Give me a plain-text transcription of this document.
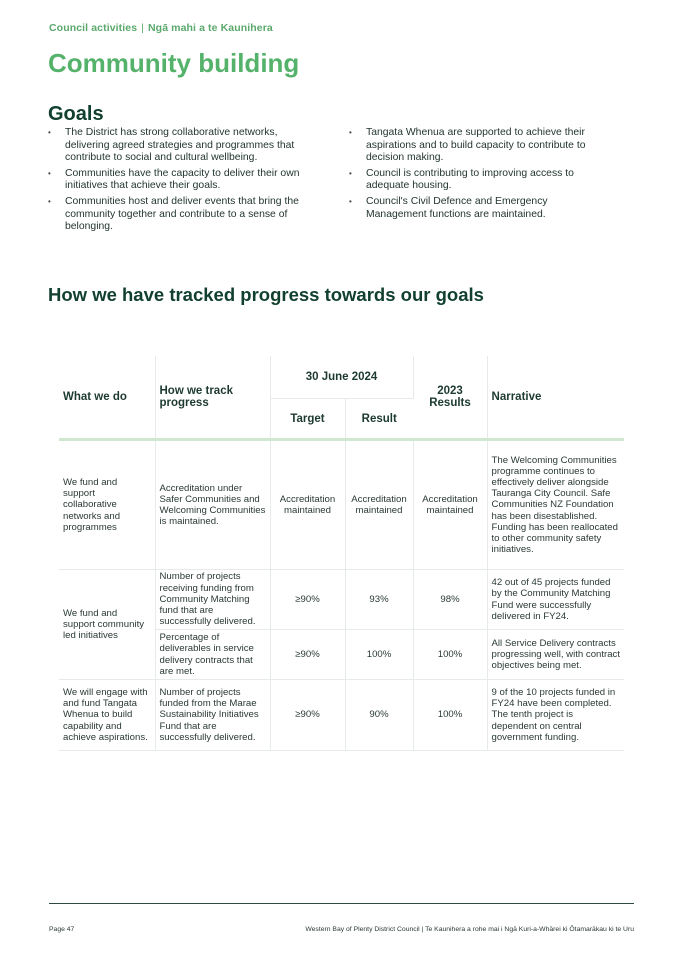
Council activities | Ngā mahi a te Kaunihera
Community building
Goals
• The District has strong collaborative networks, delivering agreed strategies and programmes that contribute to social and cultural wellbeing.
• Communities have the capacity to deliver their own initiatives that achieve their goals.
• Communities host and deliver events that bring the community together and contribute to a sense of belonging.
• Tangata Whenua are supported to achieve their aspirations and to build capacity to contribute to decision making.
• Council is contributing to improving access to adequate housing.
• Council's Civil Defence and Emergency Management functions are maintained.
How we have tracked progress towards our goals
What we do	How we track progress	30 June 2024		2023 Results	Narrative
		Target	Result		
We fund and support collaborative networks and programmes	Accreditation under Safer Communities and Welcoming Communities is maintained.	Accreditation maintained	Accreditation maintained	Accreditation maintained	The Welcoming Communities programme continues to effectively deliver alongside Tauranga City Council. Safe Communities NZ Foundation has been disestablished. Funding has been reallocated to other community safety initiatives.
We fund and support community led initiatives	Number of projects receiving funding from Community Matching fund that are successfully delivered.	≥90%	93%	98%	42 out of 45 projects funded by the Community Matching Fund were successfully delivered in FY24.
	Percentage of deliverables in service delivery contracts that are met.	≥90%	100%	100%	All Service Delivery contracts progressing well, with contract objectives being met.
We will engage with and fund Tangata Whenua to build capability and achieve aspirations.	Number of projects funded from the Marae Sustainability Initiatives Fund that are successfully delivered.	≥90%	90%	100%	9 of the 10 projects funded in FY24 have been completed. The tenth project is dependent on central government funding.
Page 47	Western Bay of Plenty District Council | Te Kaunihera a rohe mai i Ngā Kuri-a-Whārei ki Ōtamarākau ki te Uru
